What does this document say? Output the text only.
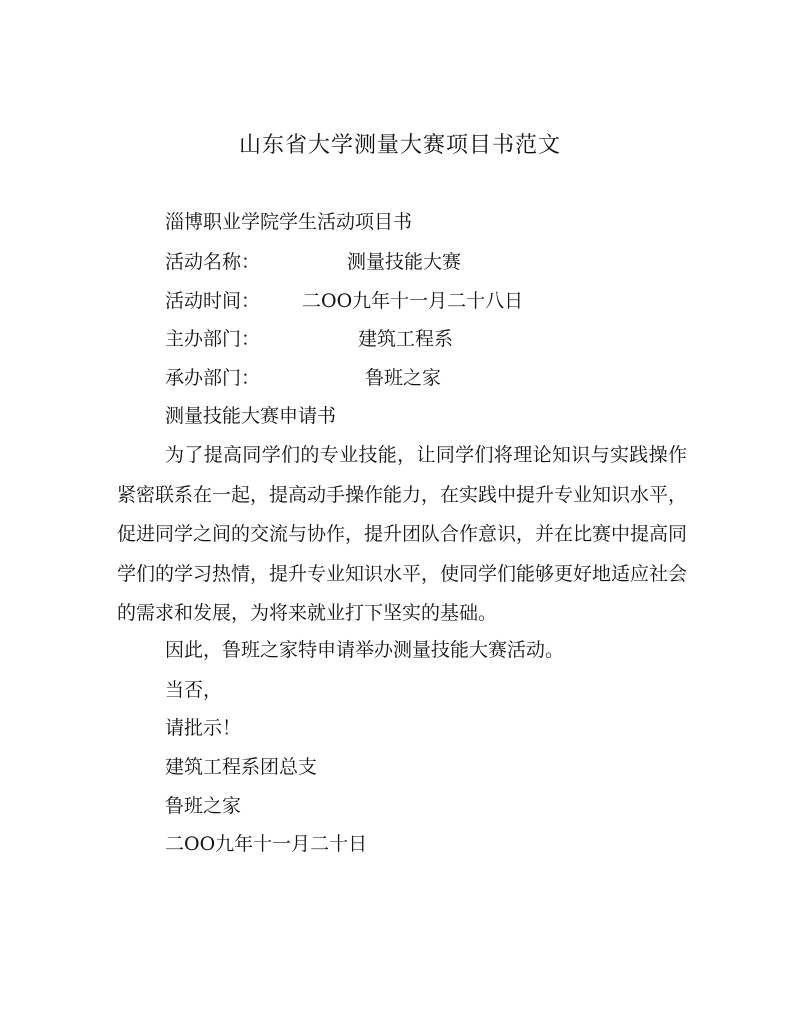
山东省大学测量大赛项目书范文

淄博职业学院学生活动项目书

活动名称：	测量技能大赛
活动时间： 二OO九年十一月二十八日
主办部门：	建筑工程系
承办部门：	鲁班之家

测量技能大赛申请书

为了提高同学们的专业技能，让同学们将理论知识与实践操作紧密联系在一起，提高动手操作能力，在实践中提升专业知识水平，促进同学之间的交流与协作，提升团队合作意识，并在比赛中提高同学们的学习热情，提升专业知识水平，使同学们能够更好地适应社会的需求和发展，为将来就业打下坚实的基础。

因此，鲁班之家特申请举办测量技能大赛活动。

当否，

请批示！

建筑工程系团总支

鲁班之家

二OO九年十一月二十日
